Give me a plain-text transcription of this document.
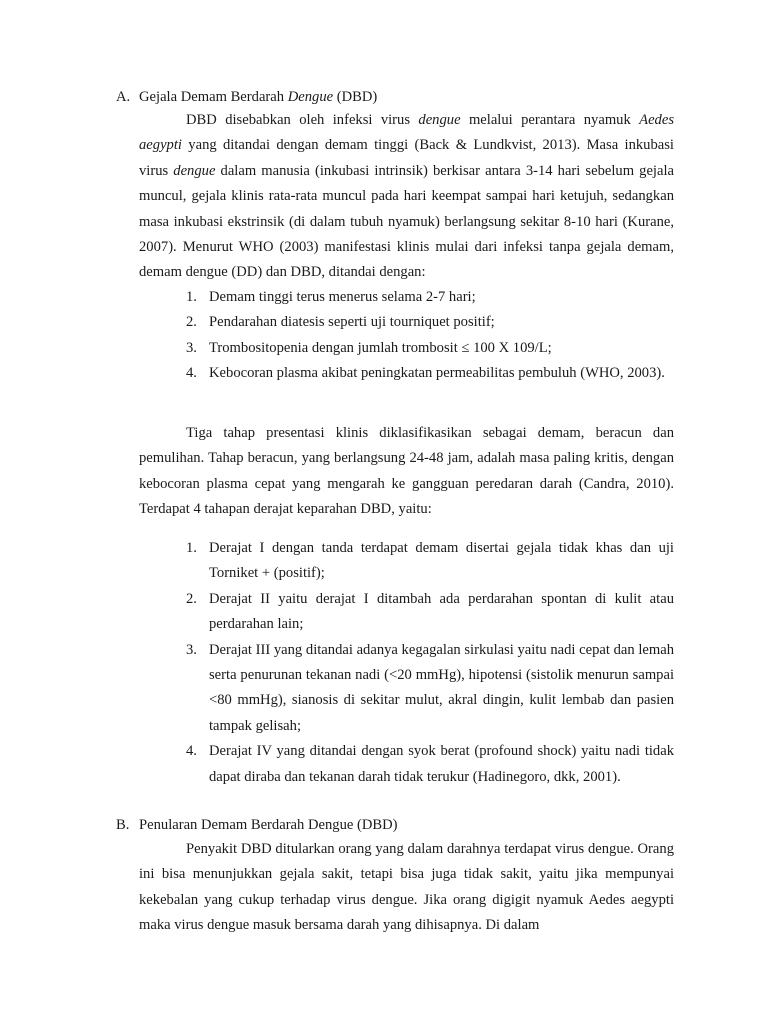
A. Gejala Demam Berdarah Dengue (DBD)

DBD disebabkan oleh infeksi virus dengue melalui perantara nyamuk Aedes aegypti yang ditandai dengan demam tinggi (Back & Lundkvist, 2013). Masa inkubasi virus dengue dalam manusia (inkubasi intrinsik) berkisar antara 3-14 hari sebelum gejala muncul, gejala klinis rata-rata muncul pada hari keempat sampai hari ketujuh, sedangkan masa inkubasi ekstrinsik (di dalam tubuh nyamuk) berlangsung sekitar 8-10 hari (Kurane, 2007). Menurut WHO (2003) manifestasi klinis mulai dari infeksi tanpa gejala demam, demam dengue (DD) dan DBD, ditandai dengan:

1. Demam tinggi terus menerus selama 2-7 hari;
2. Pendarahan diatesis seperti uji tourniquet positif;
3. Trombositopenia dengan jumlah trombosit ≤ 100 X 109/L;
4. Kebocoran plasma akibat peningkatan permeabilitas pembuluh (WHO, 2003).

Tiga tahap presentasi klinis diklasifikasikan sebagai demam, beracun dan pemulihan. Tahap beracun, yang berlangsung 24-48 jam, adalah masa paling kritis, dengan kebocoran plasma cepat yang mengarah ke gangguan peredaran darah (Candra, 2010). Terdapat 4 tahapan derajat keparahan DBD, yaitu:

1. Derajat I dengan tanda terdapat demam disertai gejala tidak khas dan uji Torniket + (positif);
2. Derajat II yaitu derajat I ditambah ada perdarahan spontan di kulit atau perdarahan lain;
3. Derajat III yang ditandai adanya kegagalan sirkulasi yaitu nadi cepat dan lemah serta penurunan tekanan nadi (<20 mmHg), hipotensi (sistolik menurun sampai <80 mmHg), sianosis di sekitar mulut, akral dingin, kulit lembab dan pasien tampak gelisah;
4. Derajat IV yang ditandai dengan syok berat (profound shock) yaitu nadi tidak dapat diraba dan tekanan darah tidak terukur (Hadinegoro, dkk, 2001).
B. Penularan Demam Berdarah Dengue (DBD)

Penyakit DBD ditularkan orang yang dalam darahnya terdapat virus dengue. Orang ini bisa menunjukkan gejala sakit, tetapi bisa juga tidak sakit, yaitu jika mempunyai kekebalan yang cukup terhadap virus dengue. Jika orang digigit nyamuk Aedes aegypti maka virus dengue masuk bersama darah yang dihisapnya. Di dalam
